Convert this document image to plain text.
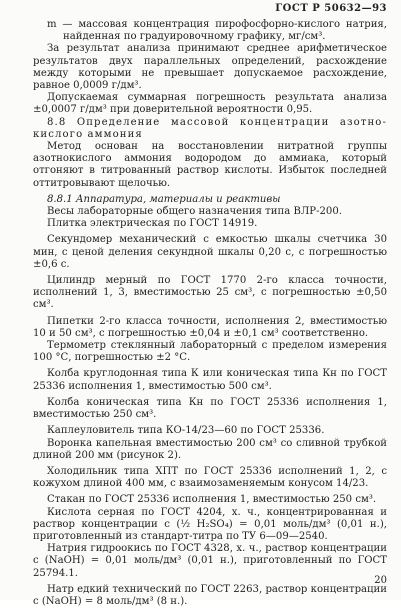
ГОСТ Р 50632—93

m — массовая концентрация пирофосфорно-кислого натрия, найденная по градуировочному графику, мг/см³.

За результат анализа принимают среднее арифметическое результатов двух параллельных определений, расхождение между которыми не превышает допускаемое расхождение, равное 0,0009 г/дм³.

Допускаемая суммарная погрешность результата анализа ±0,0007 г/дм³ при доверительной вероятности 0,95.

8.8 Определение массовой концентрации азотно-кислого аммония

Метод основан на восстановлении нитратной группы азотнокислого аммония водородом до аммиака, который отгоняют в титрованный раствор кислоты. Избыток последней оттитровывают щелочью.

8.8.1 Аппаратура, материалы и реактивы

Весы лабораторные общего назначения типа ВЛР-200.

Плитка электрическая по ГОСТ 14919.

Секундомер механический с емкостью шкалы счетчика 30 мин, с ценой деления секундной шкалы 0,20 с, с погрешностью ±0,6 с.

Цилиндр мерный по ГОСТ 1770 2-го класса точности, исполнений 1, 3, вместимостью 25 см³, с погрешностью ±0,50 см³.

Пипетки 2-го класса точности, исполнения 2, вместимостью 10 и 50 см³, с погрешностью ±0,04 и ±0,1 см³ соответственно.

Термометр стеклянный лабораторный с пределом измерения 100 °С, погрешностью ±2 °С.

Колба круглодонная типа К или коническая типа Кн по ГОСТ 25336 исполнения 1, вместимостью 500 см³.

Колба коническая типа Кн по ГОСТ 25336 исполнения 1, вместимостью 250 см³.

Каплеуловитель типа КО-14/23—60 по ГОСТ 25336.

Воронка капельная вместимостью 200 см³ со сливной трубкой длиной 200 мм (рисунок 2).

Холодильник типа ХПТ по ГОСТ 25336 исполнений 1, 2, с кожухом длиной 400 мм, с взаимозаменяемым конусом 14/23.

Стакан по ГОСТ 25336 исполнения 1, вместимостью 250 см³.

Кислота серная по ГОСТ 4204, х. ч., концентрированная и раствор концентрации с (½ H₂SO₄) = 0,01 моль/дм³ (0,01 н.), приготовленный из стандарт-титра по ТУ 6—09—2540.

Натрия гидроокись по ГОСТ 4328, х. ч., раствор концентрации с (NaOH) = 0,01 моль/дм³ (0,01 н.), приготовленный по ГОСТ 25794.1.

Натр едкий технический по ГОСТ 2263, раствор концентрации с (NaOH) = 8 моль/дм³ (8 н.).

20
